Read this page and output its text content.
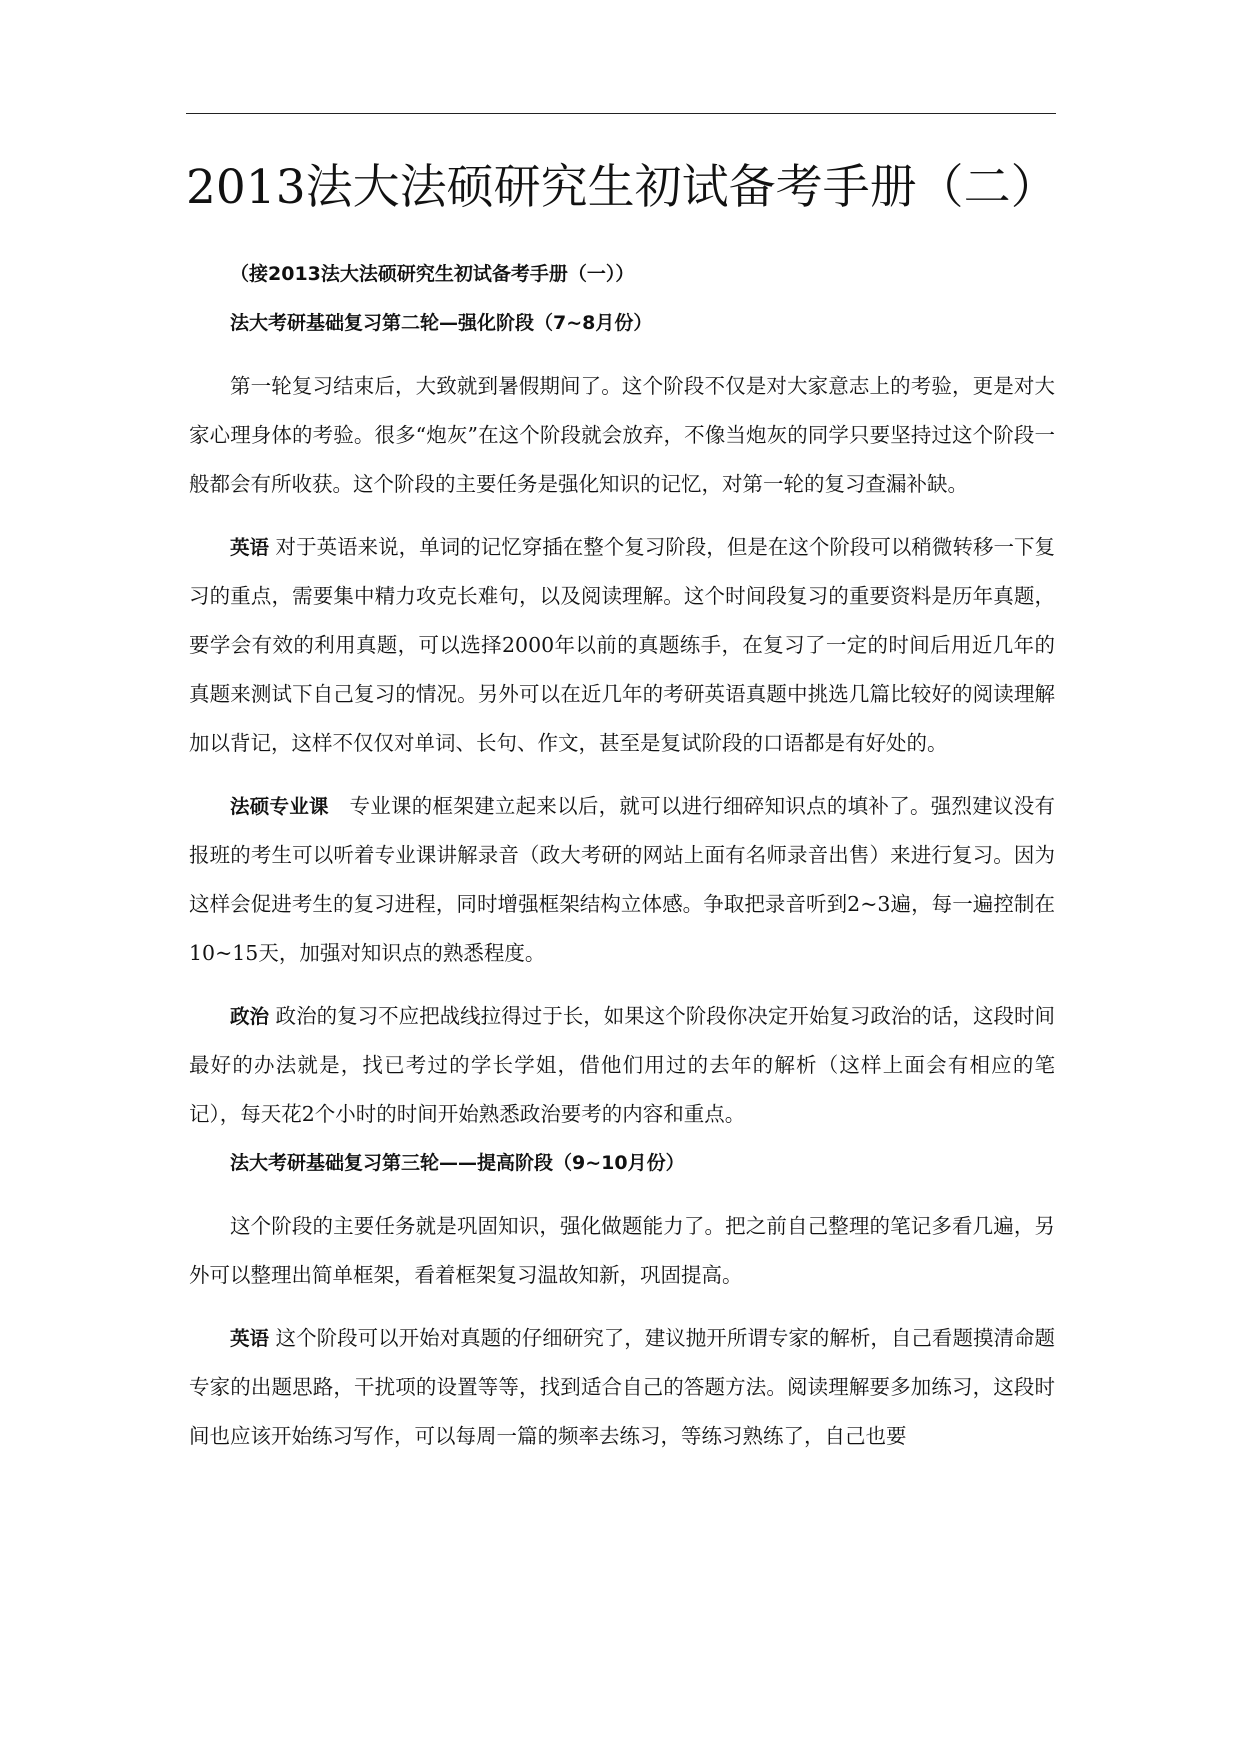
2013法大法硕研究生初试备考手册（二）

（接2013法大法硕研究生初试备考手册（一））

法大考研基础复习第二轮—强化阶段（7~8月份）

第一轮复习结束后，大致就到暑假期间了。这个阶段不仅是对大家意志上的考验，更是对大家心理身体的考验。很多“炮灰”在这个阶段就会放弃，不像当炮灰的同学只要坚持过这个阶段一般都会有所收获。这个阶段的主要任务是强化知识的记忆，对第一轮的复习查漏补缺。

英语 对于英语来说，单词的记忆穿插在整个复习阶段，但是在这个阶段可以稍微转移一下复习的重点，需要集中精力攻克长难句，以及阅读理解。这个时间段复习的重要资料是历年真题，要学会有效的利用真题，可以选择2000年以前的真题练手，在复习了一定的时间后用近几年的真题来测试下自己复习的情况。另外可以在近几年的考研英语真题中挑选几篇比较好的阅读理解加以背记，这样不仅仅对单词、长句、作文，甚至是复试阶段的口语都是有好处的。

法硕专业课　专业课的框架建立起来以后，就可以进行细碎知识点的填补了。强烈建议没有报班的考生可以听着专业课讲解录音（政大考研的网站上面有名师录音出售）来进行复习。因为这样会促进考生的复习进程，同时增强框架结构立体感。争取把录音听到2~3遍，每一遍控制在10~15天，加强对知识点的熟悉程度。

政治 政治的复习不应把战线拉得过于长，如果这个阶段你决定开始复习政治的话，这段时间最好的办法就是，找已考过的学长学姐，借他们用过的去年的解析（这样上面会有相应的笔记），每天花2个小时的时间开始熟悉政治要考的内容和重点。

法大考研基础复习第三轮——提高阶段（9~10月份）

这个阶段的主要任务就是巩固知识，强化做题能力了。把之前自己整理的笔记多看几遍，另外可以整理出简单框架，看着框架复习温故知新，巩固提高。

英语 这个阶段可以开始对真题的仔细研究了，建议抛开所谓专家的解析，自己看题摸清命题专家的出题思路，干扰项的设置等等，找到适合自己的答题方法。阅读理解要多加练习，这段时间也应该开始练习写作，可以每周一篇的频率去练习，等练习熟练了，自己也要
